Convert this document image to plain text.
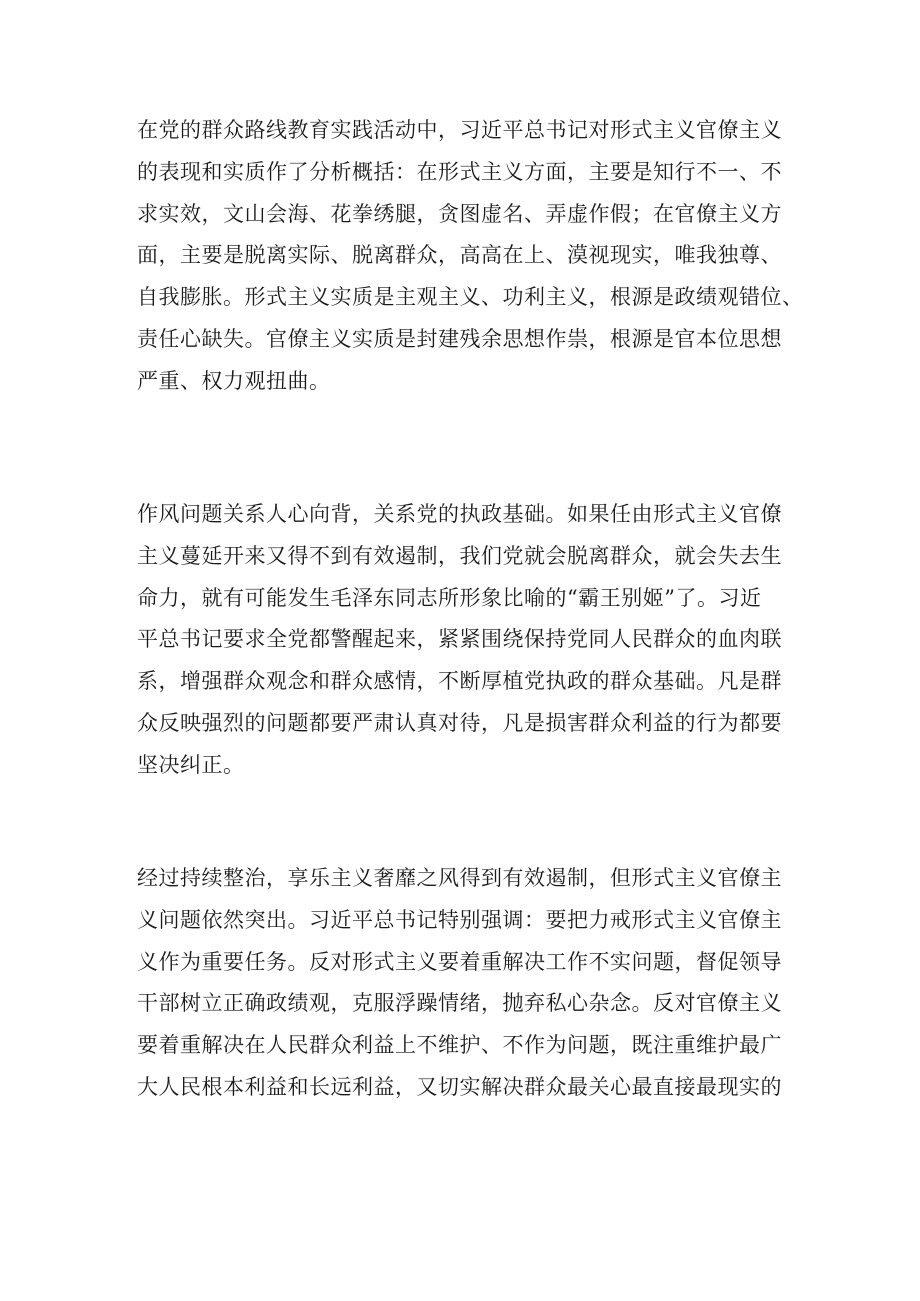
在党的群众路线教育实践活动中，习近平总书记对形式主义官僚主义
的表现和实质作了分析概括：在形式主义方面，主要是知行不一、不
求实效，文山会海、花拳绣腿，贪图虚名、弄虚作假；在官僚主义方
面，主要是脱离实际、脱离群众，高高在上、漠视现实，唯我独尊、
自我膨胀。形式主义实质是主观主义、功利主义，根源是政绩观错位、
责任心缺失。官僚主义实质是封建残余思想作祟，根源是官本位思想
严重、权力观扭曲。

作风问题关系人心向背，关系党的执政基础。如果任由形式主义官僚
主义蔓延开来又得不到有效遏制，我们党就会脱离群众，就会失去生
命力，就有可能发生毛泽东同志所形象比喻的“霸王别姬”了。习近
平总书记要求全党都警醒起来，紧紧围绕保持党同人民群众的血肉联
系，增强群众观念和群众感情，不断厚植党执政的群众基础。凡是群
众反映强烈的问题都要严肃认真对待，凡是损害群众利益的行为都要
坚决纠正。

经过持续整治，享乐主义奢靡之风得到有效遏制，但形式主义官僚主
义问题依然突出。习近平总书记特别强调：要把力戒形式主义官僚主
义作为重要任务。反对形式主义要着重解决工作不实问题，督促领导
干部树立正确政绩观，克服浮躁情绪，抛弃私心杂念。反对官僚主义
要着重解决在人民群众利益上不维护、不作为问题，既注重维护最广
大人民根本利益和长远利益，又切实解决群众最关心最直接最现实的
